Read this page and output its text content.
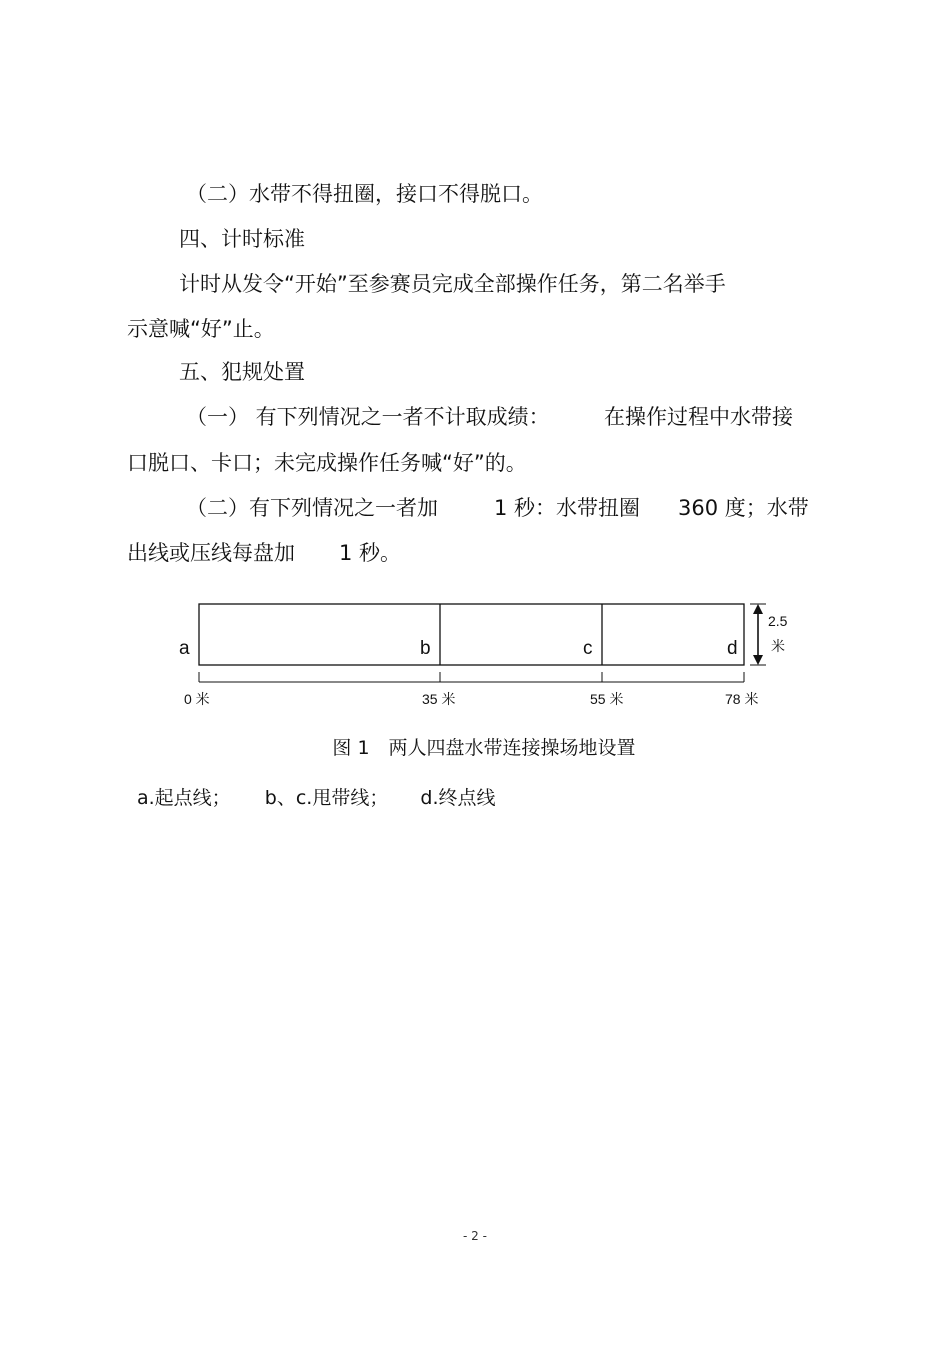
（二）水带不得扭圈，接口不得脱口。
四、计时标准
计时从发令“开始”至参赛员完成全部操作任务，第二名举手
示意喊“好”止。
五、犯规处置
（一） 有下列情况之一者不计取成绩：	在操作过程中水带接
口脱口、卡口；未完成操作任务喊“好”的。
（二）有下列情况之一者加	1 秒：水带扭圈 360 度；水带
出线或压线每盘加 1 秒。
a	b	c	d
2.5
米
0 米	35 米	55 米	78 米
图 1　两人四盘水带连接操场地设置
a.起点线； b、c.甩带线； d.终点线
- 2 -
